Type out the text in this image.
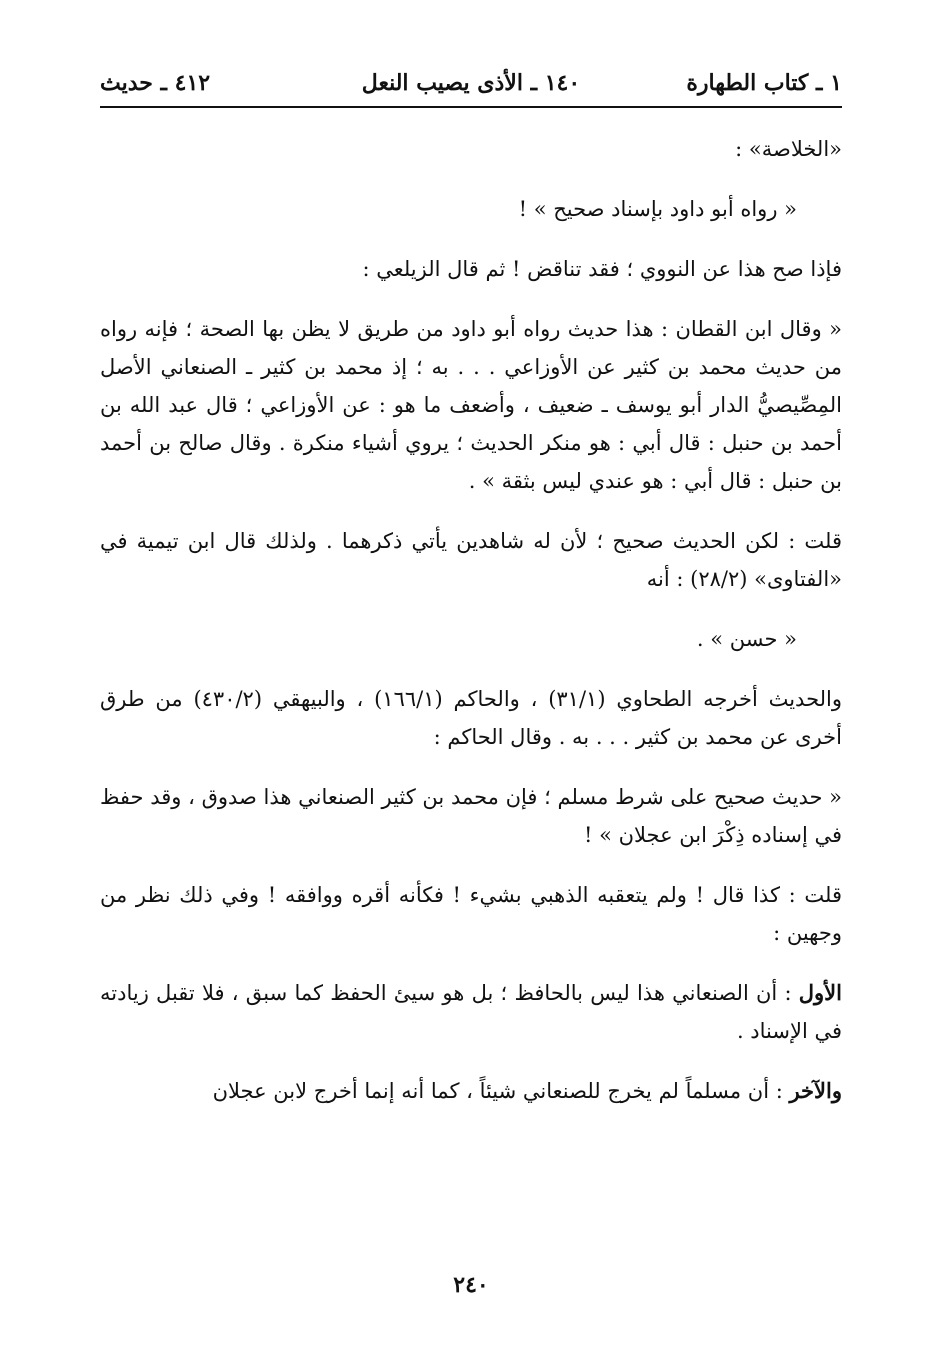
١ ـ كتاب الطهارة
١٤٠ ـ الأذى يصيب النعل
٤١٢ ـ حديث

«الخلاصة» :

« رواه أبو داود بإسناد صحيح » !

فإذا صح هذا عن النووي ؛ فقد تناقض ! ثم قال الزيلعي :

« وقال ابن القطان : هذا حديث رواه أبو داود من طريق لا يظن بها الصحة ؛ فإنه رواه من حديث محمد بن كثير عن الأوزاعي . . . به ؛ إذ محمد بن كثير ـ الصنعاني الأصل المِصِّيصيُّ الدار أبو يوسف ـ ضعيف ، وأضعف ما هو : عن الأوزاعي ؛ قال عبد الله بن أحمد بن حنبل : قال أبي : هو منكر الحديث ؛ يروي أشياء منكرة . وقال صالح بن أحمد بن حنبل : قال أبي : هو عندي ليس بثقة » .

قلت : لكن الحديث صحيح ؛ لأن له شاهدين يأتي ذكرهما . ولذلك قال ابن تيمية في «الفتاوى» (٢٨/٢) : أنه

« حسن » .

والحديث أخرجه الطحاوي (٣١/١) ، والحاكم (١٦٦/١) ، والبيهقي (٤٣٠/٢) من طرق أخرى عن محمد بن كثير . . . به . وقال الحاكم :

« حديث صحيح على شرط مسلم ؛ فإن محمد بن كثير الصنعاني هذا صدوق ، وقد حفظ في إسناده ذِكْرَ ابن عجلان » !

قلت : كذا قال ! ولم يتعقبه الذهبي بشيء ! فكأنه أقره ووافقه ! وفي ذلك نظر من وجهين :

الأول : أن الصنعاني هذا ليس بالحافظ ؛ بل هو سيئ الحفظ كما سبق ، فلا تقبل زيادته في الإسناد .

والآخر : أن مسلماً لم يخرج للصنعاني شيئاً ، كما أنه إنما أخرج لابن عجلان

٢٤٠
